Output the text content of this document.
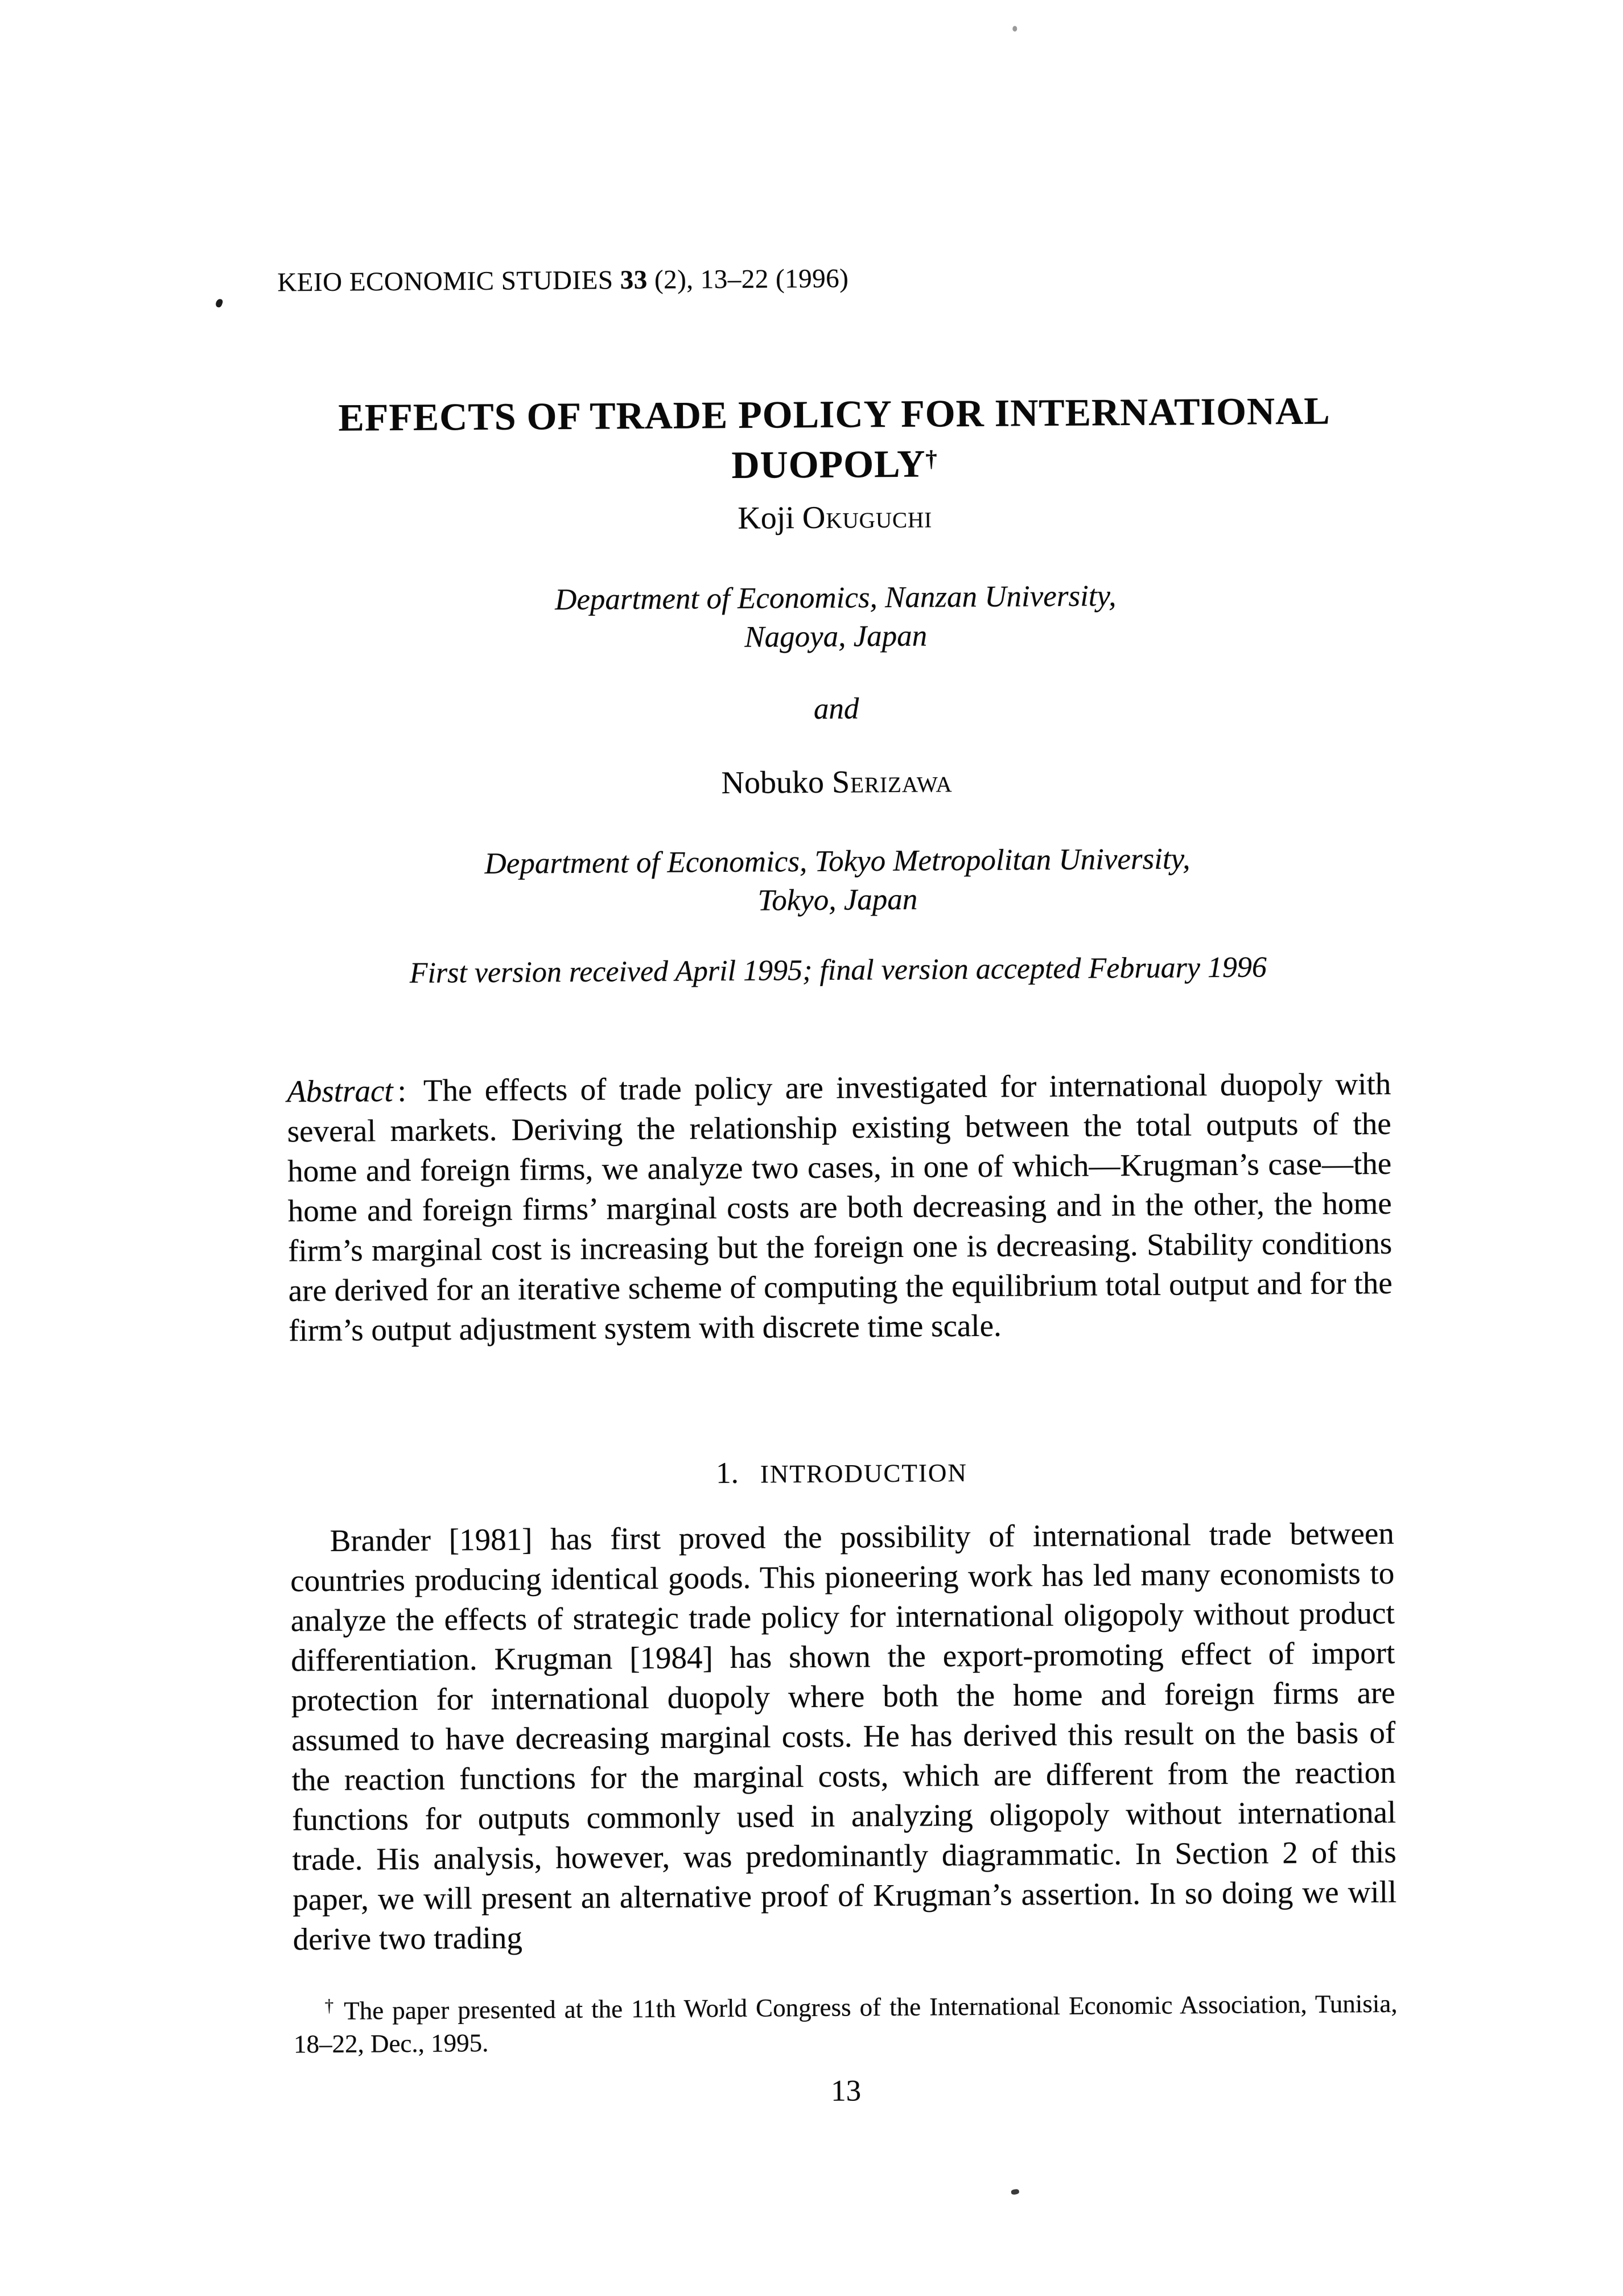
KEIO ECONOMIC STUDIES 33 (2), 13–22 (1996)
EFFECTS OF TRADE POLICY FOR INTERNATIONAL DUOPOLY†
Koji Okuguchi
Department of Economics, Nanzan University,
Nagoya, Japan
and
Nobuko Serizawa
Department of Economics, Tokyo Metropolitan University,
Tokyo, Japan
First version received April 1995; final version accepted February 1996
Abstract : The effects of trade policy are investigated for international duopoly with several markets. Deriving the relationship existing between the total outputs of the home and foreign firms, we analyze two cases, in one of which—Krugman’s case—the home and foreign firms’ marginal costs are both decreasing and in the other, the home firm’s marginal cost is increasing but the foreign one is decreasing. Stability conditions are derived for an iterative scheme of computing the equilibrium total output and for the firm’s output adjustment system with discrete time scale.
1. INTRODUCTION
Brander [1981] has first proved the possibility of international trade between countries producing identical goods. This pioneering work has led many economists to analyze the effects of strategic trade policy for international oligopoly without product differentiation. Krugman [1984] has shown the export-promoting effect of import protection for international duopoly where both the home and foreign firms are assumed to have decreasing marginal costs. He has derived this result on the basis of the reaction functions for the marginal costs, which are different from the reaction functions for outputs commonly used in analyzing oligopoly without international trade. His analysis, however, was predominantly diagrammatic. In Section 2 of this paper, we will present an alternative proof of Krugman’s assertion. In so doing we will derive two trading
† The paper presented at the 11th World Congress of the International Economic Association, Tunisia, 18–22, Dec., 1995.
13
